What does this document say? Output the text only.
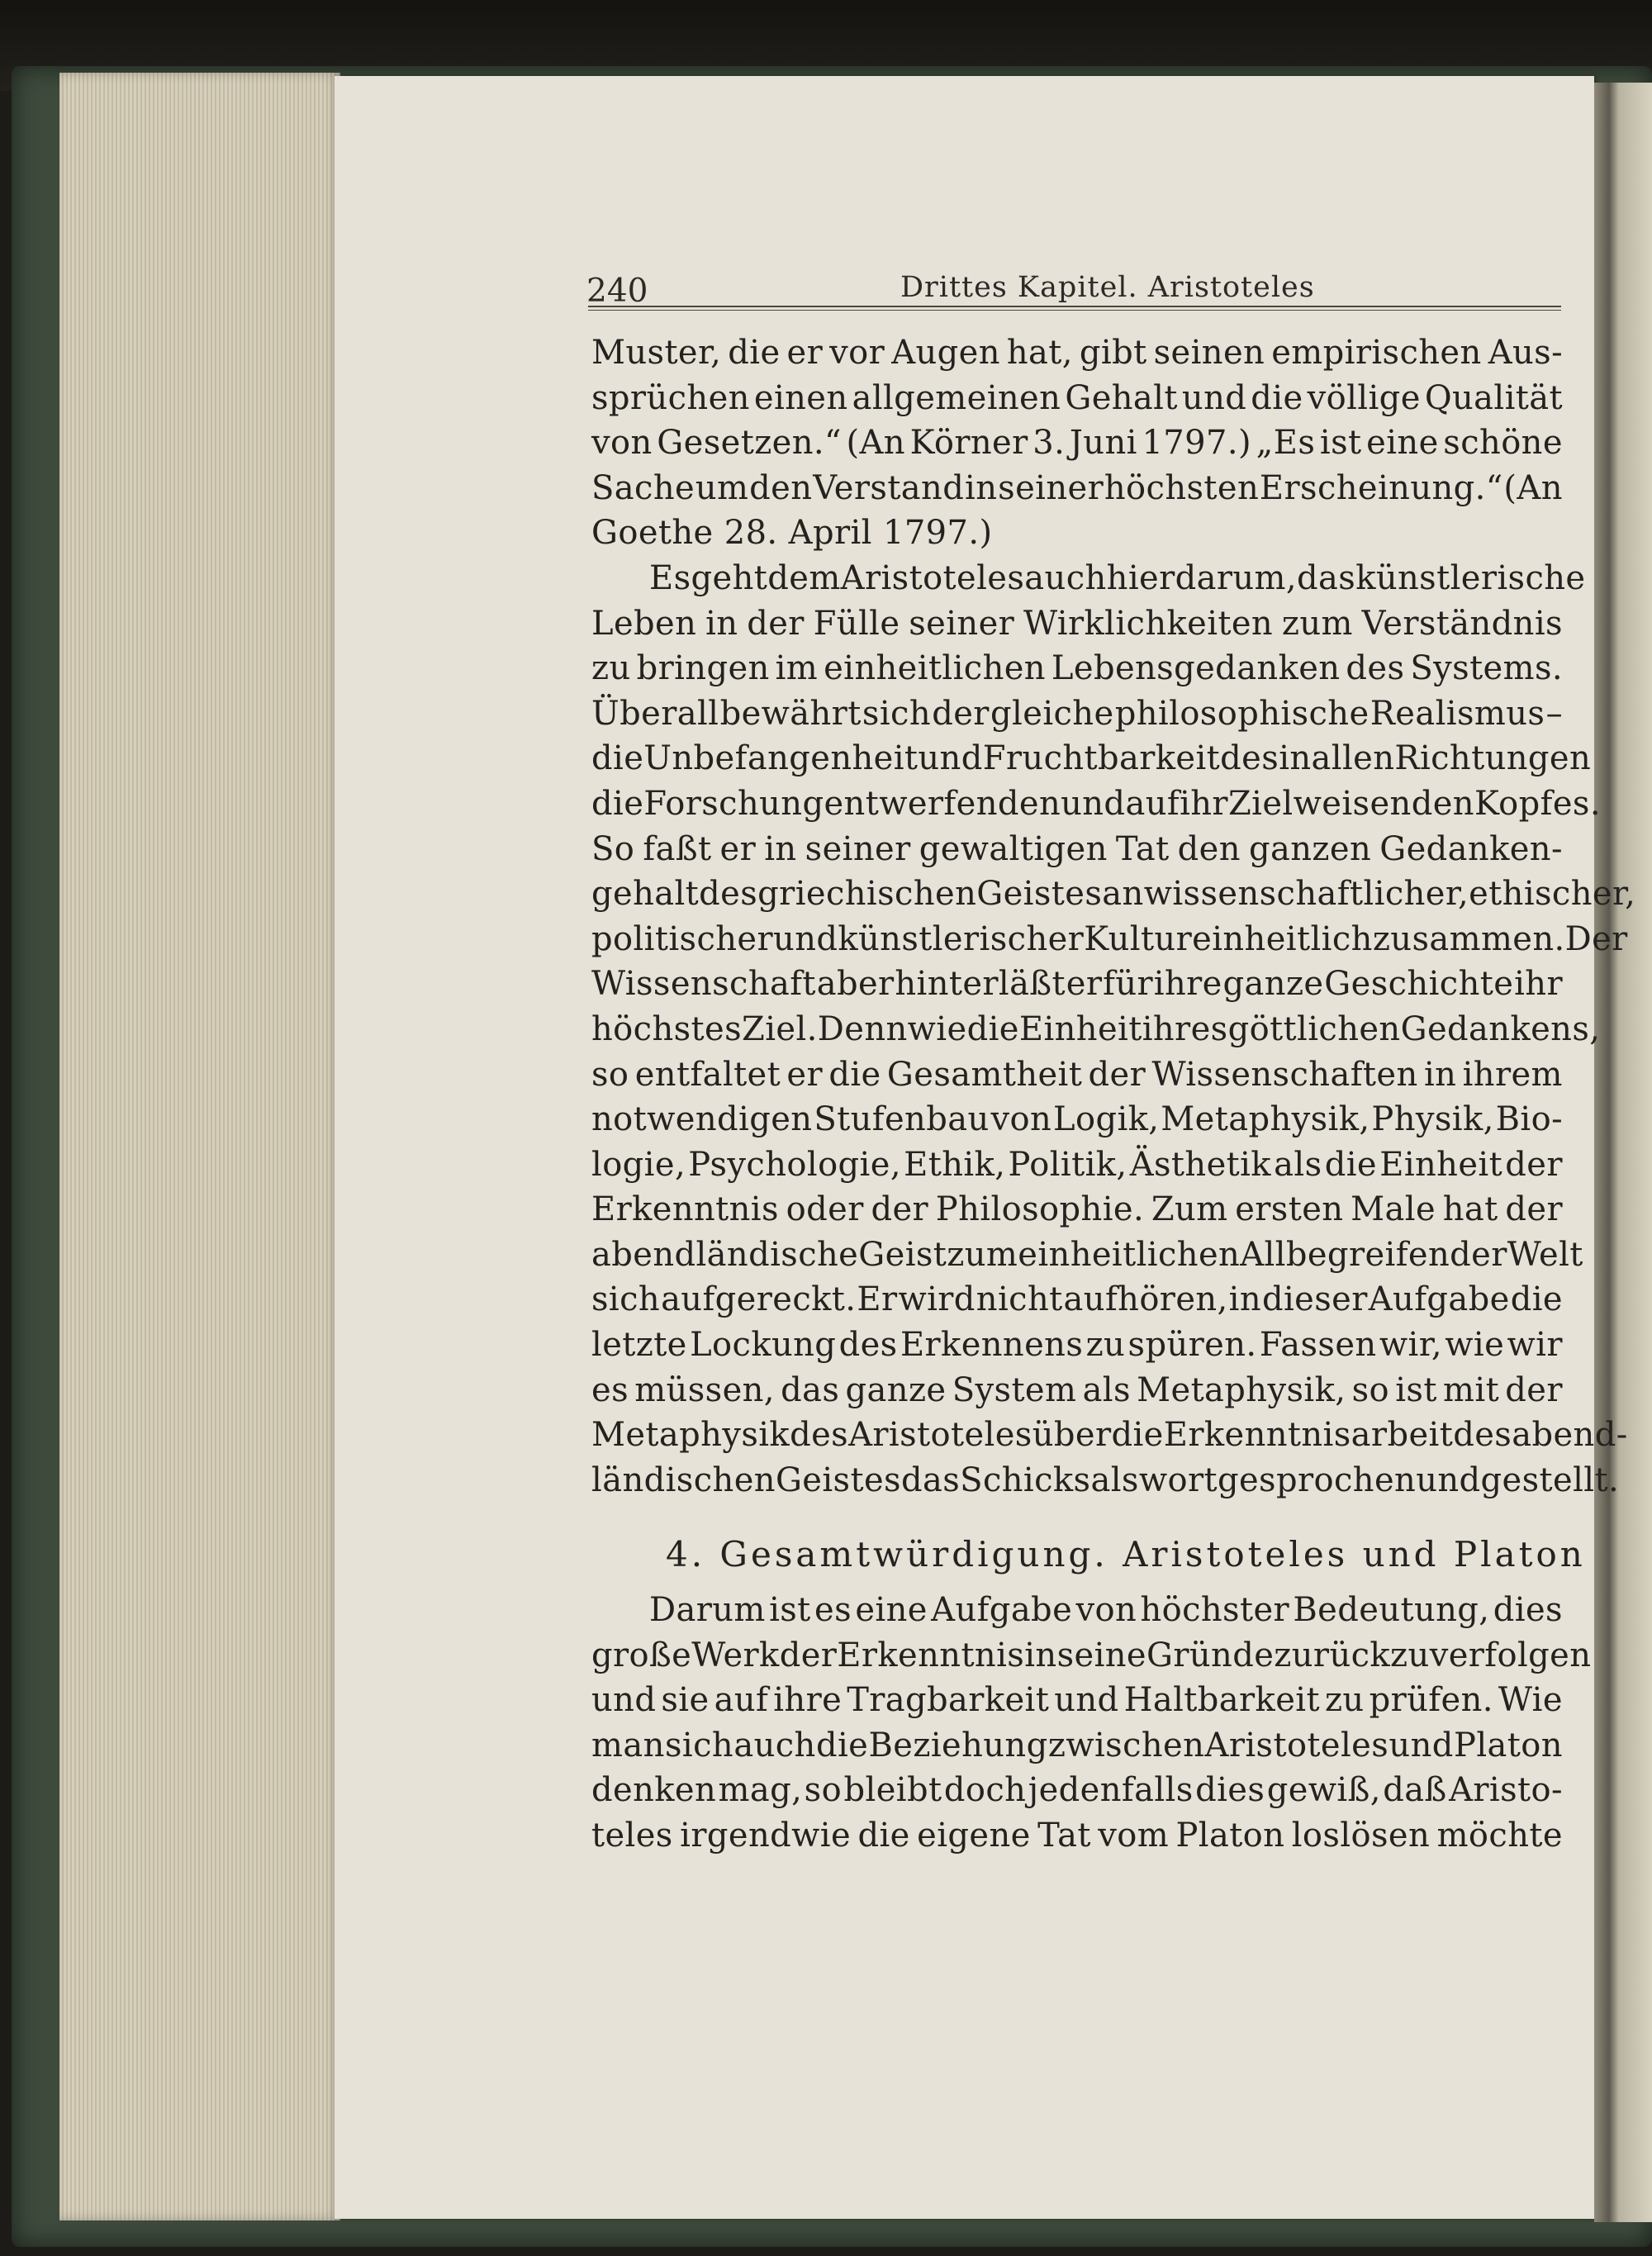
240	Drittes Kapitel. Aristoteles
Muster, die er vor Augen hat, gibt seinen empirischen Aus-
sprüchen einen allgemeinen Gehalt und die völlige Qualität
von Gesetzen.“ (An Körner 3. Juni 1797.) „Es ist eine schöne
Sache um den Verstand in seiner höchsten Erscheinung.“ (An
Goethe 28. April 1797.)
Es geht dem Aristoteles auch hier darum, das künstlerische
Leben in der Fülle seiner Wirklichkeiten zum Verständnis
zu bringen im einheitlichen Lebensgedanken des Systems.
Überall bewährt sich der gleiche philosophische Realismus –
die Unbefangenheit und Fruchtbarkeit des in allen Richtungen
die Forschung entwerfenden und auf ihr Ziel weisenden Kopfes.
So faßt er in seiner gewaltigen Tat den ganzen Gedanken-
gehalt des griechischen Geistes an wissenschaftlicher, ethischer,
politischer und künstlerischer Kultur einheitlich zusammen. Der
Wissenschaft aber hinterläßt er für ihre ganze Geschichte ihr
höchstes Ziel. Denn wie die Einheit ihres göttlichen Gedankens,
so entfaltet er die Gesamtheit der Wissenschaften in ihrem
notwendigen Stufenbau von Logik, Metaphysik, Physik, Bio-
logie, Psychologie, Ethik, Politik, Ästhetik als die Einheit der
Erkenntnis oder der Philosophie. Zum ersten Male hat der
abendländische Geist zum einheitlichen Allbegreifen der Welt
sich aufgereckt. Er wird nicht aufhören, in dieser Aufgabe die
letzte Lockung des Erkennens zu spüren. Fassen wir, wie wir
es müssen, das ganze System als Metaphysik, so ist mit der
Metaphysik des Aristoteles über die Erkenntnisarbeit des abend-
ländischen Geistes das Schicksalswort gesprochen und gestellt.
4. Gesamtwürdigung. Aristoteles und Platon
Darum ist es eine Aufgabe von höchster Bedeutung, dies
große Werk der Erkenntnis in seine Gründe zurückzuverfolgen
und sie auf ihre Tragbarkeit und Haltbarkeit zu prüfen. Wie
man sich auch die Beziehung zwischen Aristoteles und Platon
denken mag, so bleibt doch jedenfalls dies gewiß, daß Aristo-
teles irgendwie die eigene Tat vom Platon loslösen möchte
